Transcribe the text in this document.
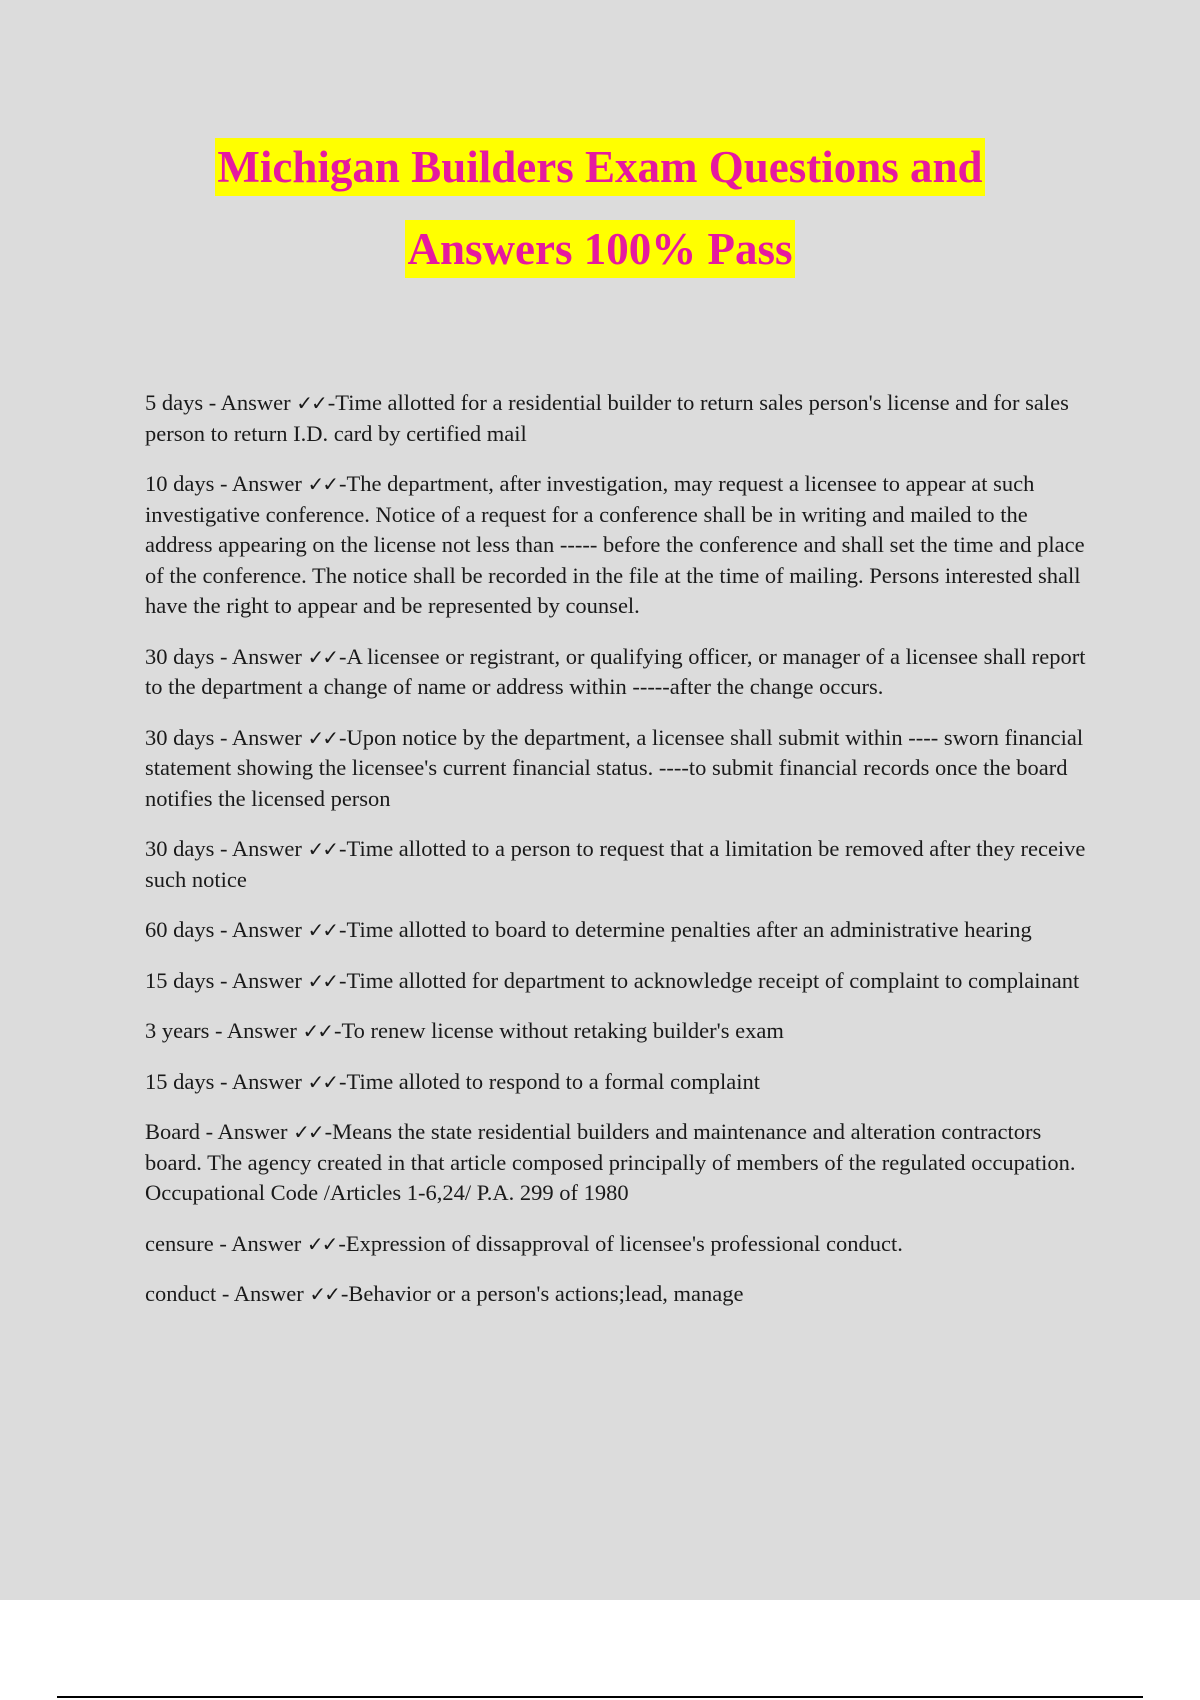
Michigan Builders Exam Questions and
Answers 100% Pass

5 days - Answer ✓✓-Time allotted for a residential builder to return sales person's license and for sales person to return I.D. card by certified mail

10 days - Answer ✓✓-The department, after investigation, may request a licensee to appear at such investigative conference. Notice of a request for a conference shall be in writing and mailed to the address appearing on the license not less than ----- before the conference and shall set the time and place of the conference. The notice shall be recorded in the file at the time of mailing. Persons interested shall have the right to appear and be represented by counsel.

30 days - Answer ✓✓-A licensee or registrant, or qualifying officer, or manager of a licensee shall report to the department a change of name or address within -----after the change occurs.

30 days - Answer ✓✓-Upon notice by the department, a licensee shall submit within ---- sworn financial statement showing the licensee's current financial status. ----to submit financial records once the board notifies the licensed person

30 days - Answer ✓✓-Time allotted to a person to request that a limitation be removed after they receive such notice

60 days - Answer ✓✓-Time allotted to board to determine penalties after an administrative hearing

15 days - Answer ✓✓-Time allotted for department to acknowledge receipt of complaint to complainant

3 years - Answer ✓✓-To renew license without retaking builder's exam

15 days - Answer ✓✓-Time alloted to respond to a formal complaint

Board - Answer ✓✓-Means the state residential builders and maintenance and alteration contractors board. The agency created in that article composed principally of members of the regulated occupation. Occupational Code /Articles 1-6,24/ P.A. 299 of 1980

censure - Answer ✓✓-Expression of dissapproval of licensee's professional conduct.

conduct - Answer ✓✓-Behavior or a person's actions;lead, manage
